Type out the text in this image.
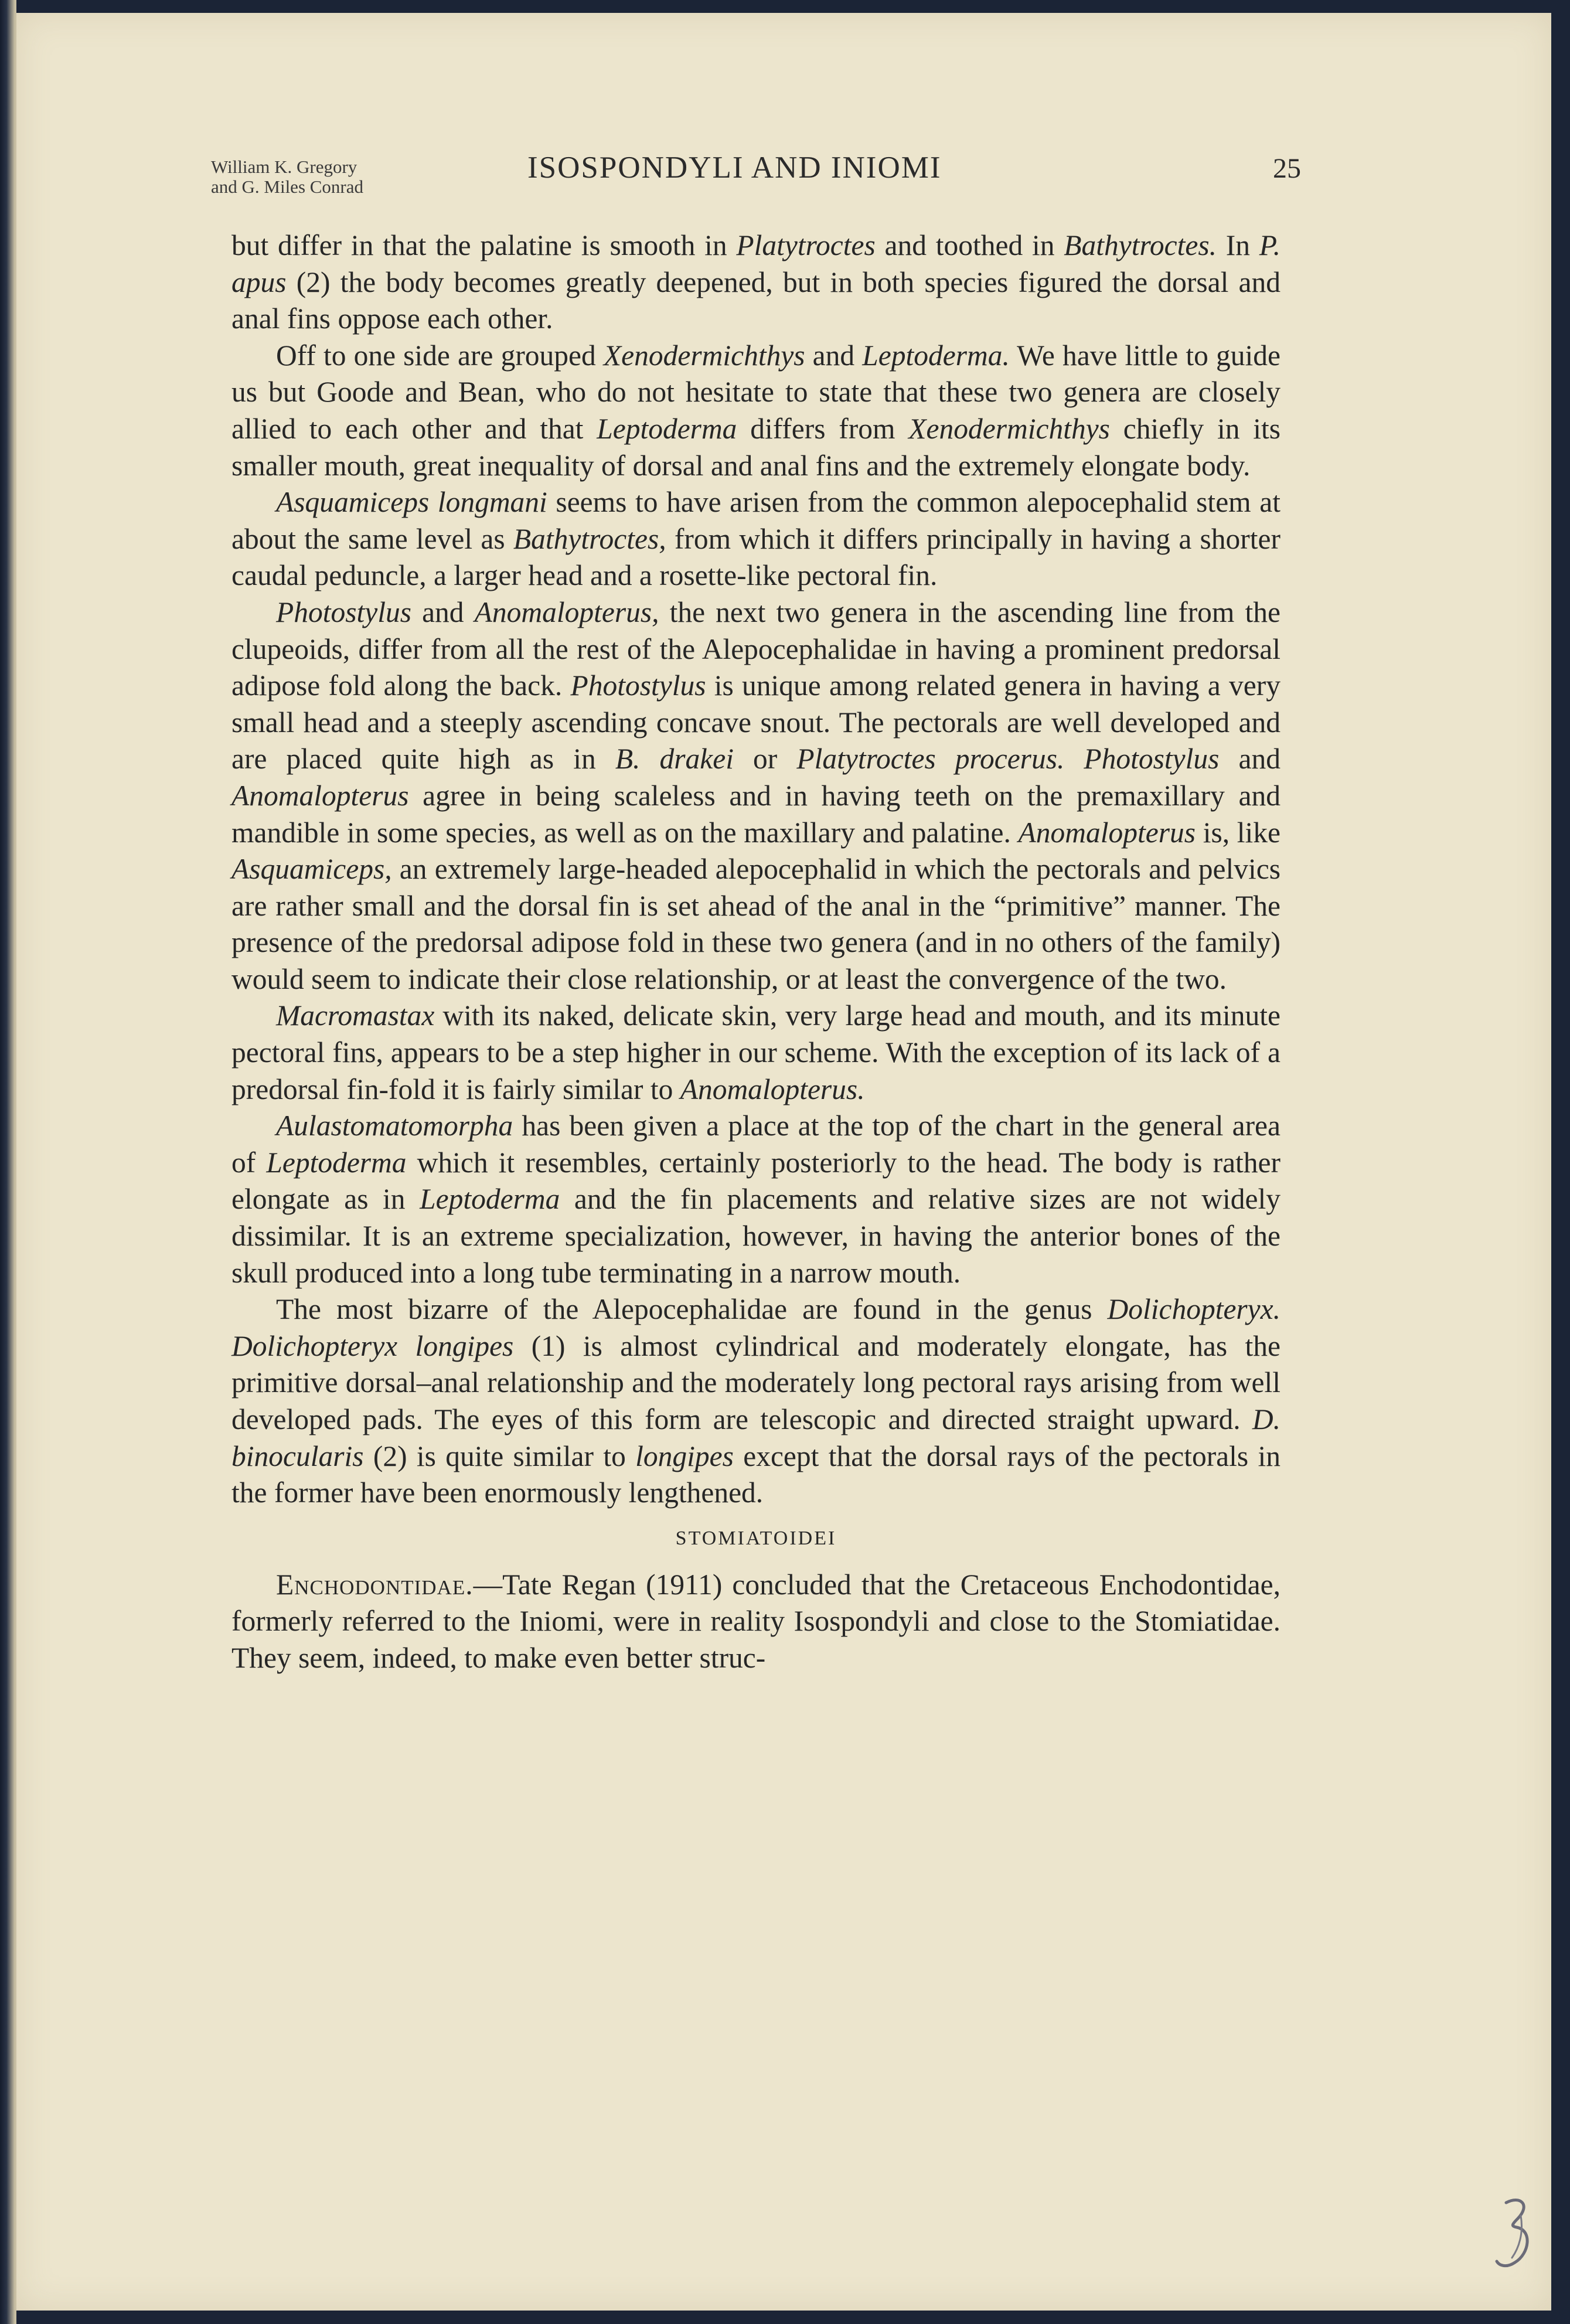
William K. Gregory
and G. Miles Conrad
ISOSPONDYLI AND INIOMI	25

but differ in that the palatine is smooth in Platytroctes and toothed in Bathytroctes. In P. apus (2) the body becomes greatly deepened, but in both species figured the dorsal and anal fins oppose each other.

Off to one side are grouped Xenodermichthys and Leptoderma. We have little to guide us but Goode and Bean, who do not hesitate to state that these two genera are closely allied to each other and that Leptoderma differs from Xenodermichthys chiefly in its smaller mouth, great inequality of dorsal and anal fins and the extremely elongate body.

Asquamiceps longmani seems to have arisen from the common alepocephalid stem at about the same level as Bathytroctes, from which it differs principally in having a shorter caudal peduncle, a larger head and a rosette-like pectoral fin.

Photostylus and Anomalopterus, the next two genera in the ascending line from the clupeoids, differ from all the rest of the Alepocephalidae in having a prominent predorsal adipose fold along the back. Photostylus is unique among related genera in having a very small head and a steeply ascending concave snout. The pectorals are well developed and are placed quite high as in B. drakei or Platytroctes procerus. Photostylus and Anomalopterus agree in being scaleless and in having teeth on the premaxillary and mandible in some species, as well as on the maxillary and palatine. Anomalopterus is, like Asquamiceps, an extremely large-headed alepocephalid in which the pectorals and pelvics are rather small and the dorsal fin is set ahead of the anal in the “primitive” manner. The presence of the predorsal adipose fold in these two genera (and in no others of the family) would seem to indicate their close relationship, or at least the convergence of the two.

Macromastax with its naked, delicate skin, very large head and mouth, and its minute pectoral fins, appears to be a step higher in our scheme. With the exception of its lack of a predorsal fin-fold it is fairly similar to Anomalopterus.

Aulastomatomorpha has been given a place at the top of the chart in the general area of Leptoderma which it resembles, certainly posteriorly to the head. The body is rather elongate as in Leptoderma and the fin placements and relative sizes are not widely dissimilar. It is an extreme specialization, however, in having the anterior bones of the skull produced into a long tube terminating in a narrow mouth.

The most bizarre of the Alepocephalidae are found in the genus Dolichopteryx. Dolichopteryx longipes (1) is almost cylindrical and moderately elongate, has the primitive dorsal–anal relationship and the moderately long pectoral rays arising from well developed pads. The eyes of this form are telescopic and directed straight upward. D. binocularis (2) is quite similar to longipes except that the dorsal rays of the pectorals in the former have been enormously lengthened.

STOMIATOIDEI

Enchodontidae.—Tate Regan (1911) concluded that the Cretaceous Enchodontidae, formerly referred to the Iniomi, were in reality Isospondyli and close to the Stomiatidae. They seem, indeed, to make even better struc-
